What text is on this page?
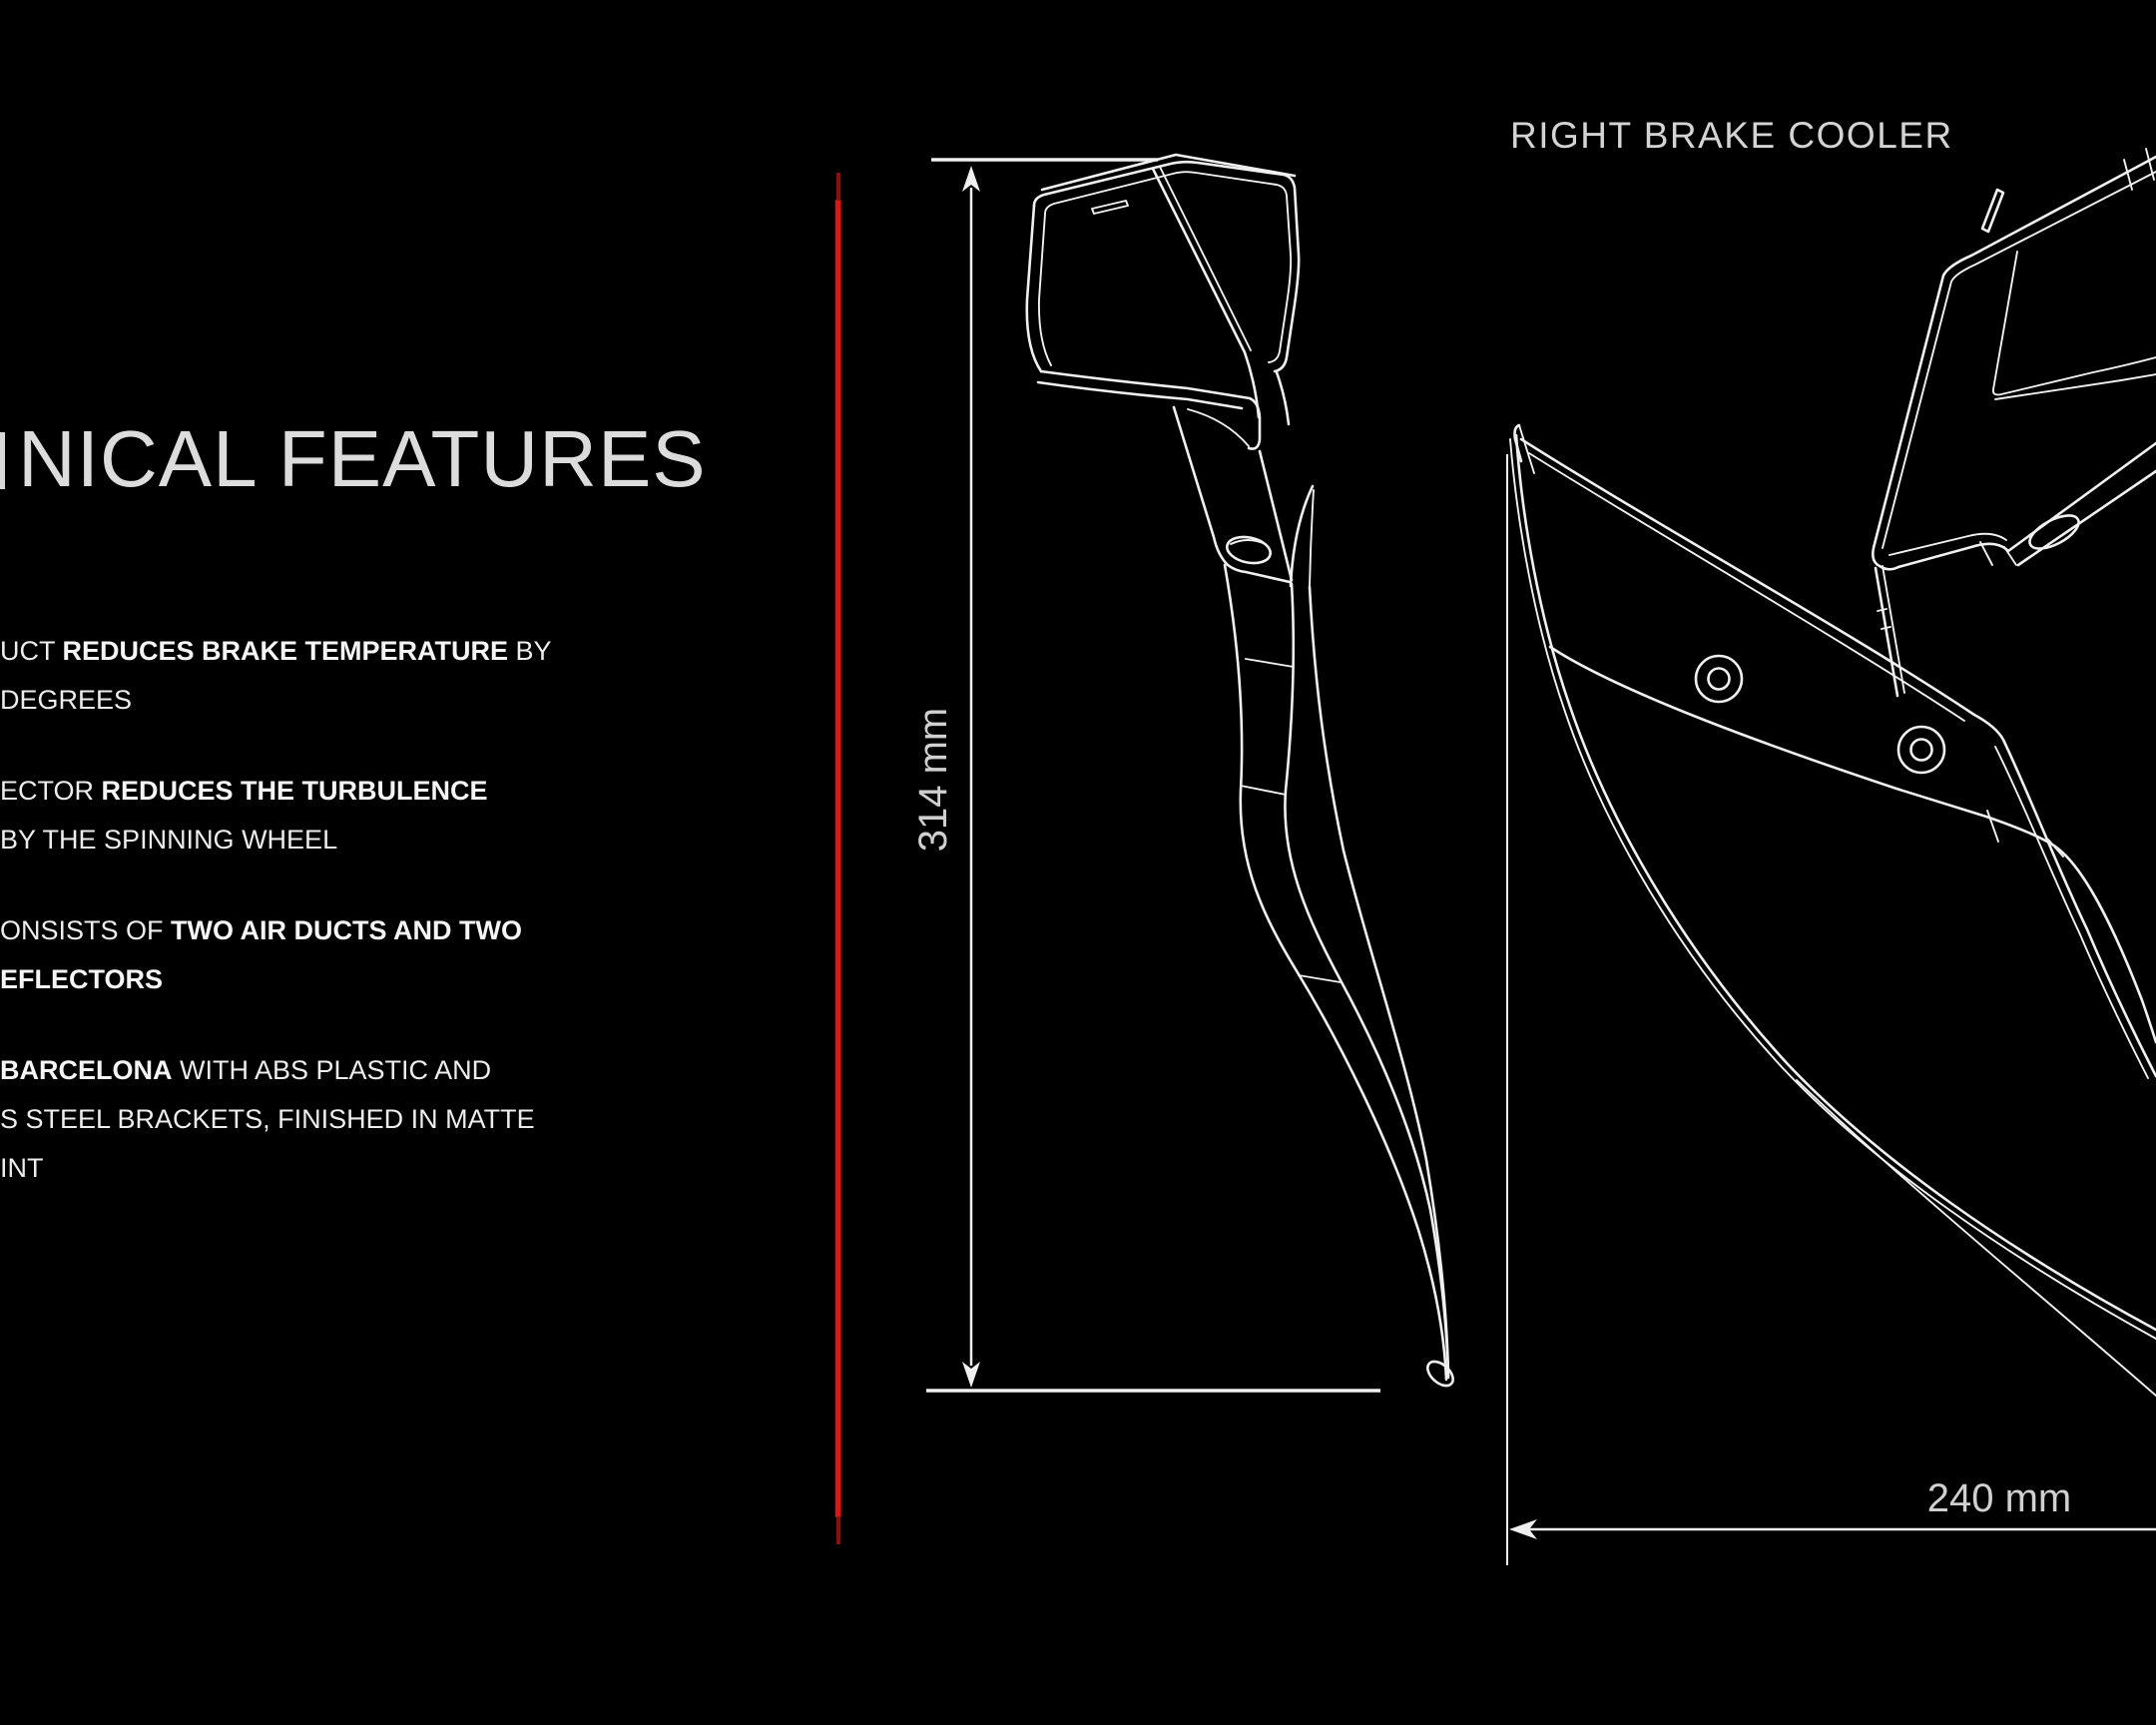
NICAL FEATURES
UCT REDUCES BRAKE TEMPERATURE BY
DEGREES
ECTOR REDUCES THE TURBULENCE
BY THE SPINNING WHEEL
ONSISTS OF TWO AIR DUCTS AND TWO
EFLECTORS
BARCELONA WITH ABS PLASTIC AND
S STEEL BRACKETS, FINISHED IN MATTE
INT
RIGHT BRAKE COOLER
314 mm
240 mm
